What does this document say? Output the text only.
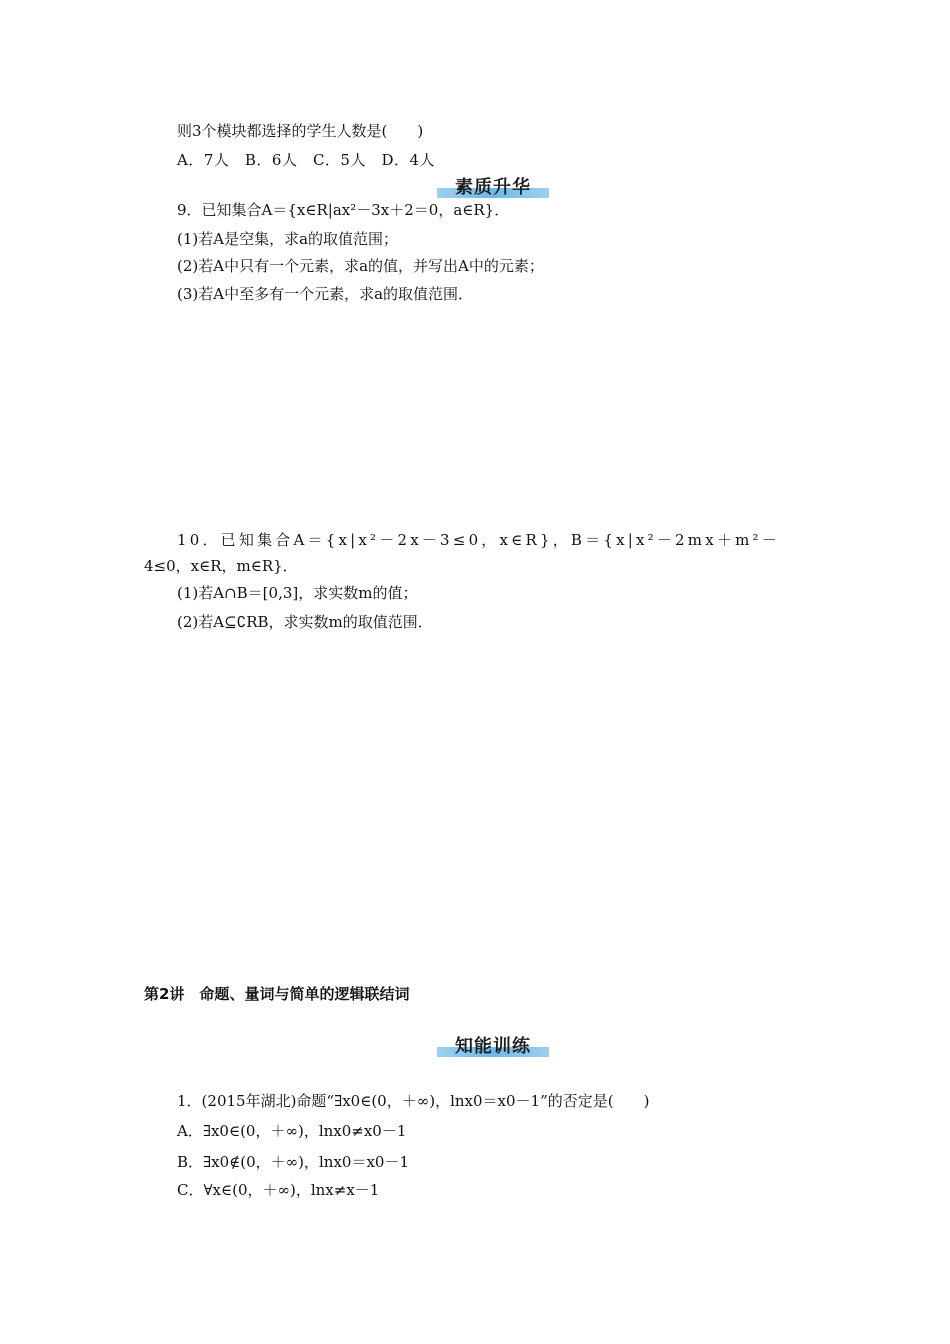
则3个模块都选择的学生人数是(　　)
A．7人　B．6人　C．5人　D．4人
素质升华
9．已知集合A＝{x∈R|ax²－3x＋2＝0，a∈R}．
(1)若A是空集，求a的取值范围；
(2)若A中只有一个元素，求a的值，并写出A中的元素；
(3)若A中至多有一个元素，求a的取值范围．
10．已知集合A＝{x|x²－2x－3≤0，x∈R}，B＝{x|x²－2mx＋m²－
4≤0，x∈R，m∈R}．
(1)若A∩B＝[0,3]，求实数m的值；
(2)若A⊆∁RB，求实数m的取值范围．
第2讲　命题、量词与简单的逻辑联结词
知能训练
1．(2015年湖北)命题“∃x0∈(0，＋∞)，lnx0＝x0－1”的否定是(　　)
A．∃x0∈(0，＋∞)，lnx0≠x0－1
B．∃x0∉(0，＋∞)，lnx0＝x0－1
C．∀x∈(0，＋∞)，lnx≠x－1
